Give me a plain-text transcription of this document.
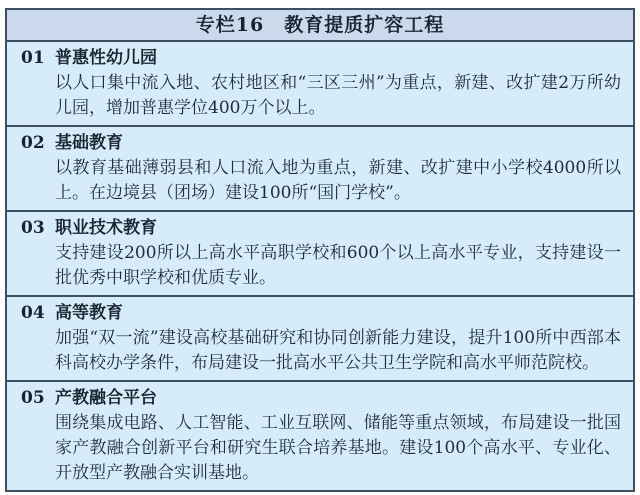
专栏16　教育提质扩容工程
01 普惠性幼儿园
以人口集中流入地、农村地区和“三区三州”为重点，新建、改扩建2万所幼儿园，增加普惠学位400万个以上。
02 基础教育
以教育基础薄弱县和人口流入地为重点，新建、改扩建中小学校4000所以上。在边境县（团场）建设100所“国门学校”。
03 职业技术教育
支持建设200所以上高水平高职学校和600个以上高水平专业，支持建设一批优秀中职学校和优质专业。
04 高等教育
加强“双一流”建设高校基础研究和协同创新能力建设，提升100所中西部本科高校办学条件，布局建设一批高水平公共卫生学院和高水平师范院校。
05 产教融合平台
围绕集成电路、人工智能、工业互联网、储能等重点领域，布局建设一批国家产教融合创新平台和研究生联合培养基地。建设100个高水平、专业化、开放型产教融合实训基地。
